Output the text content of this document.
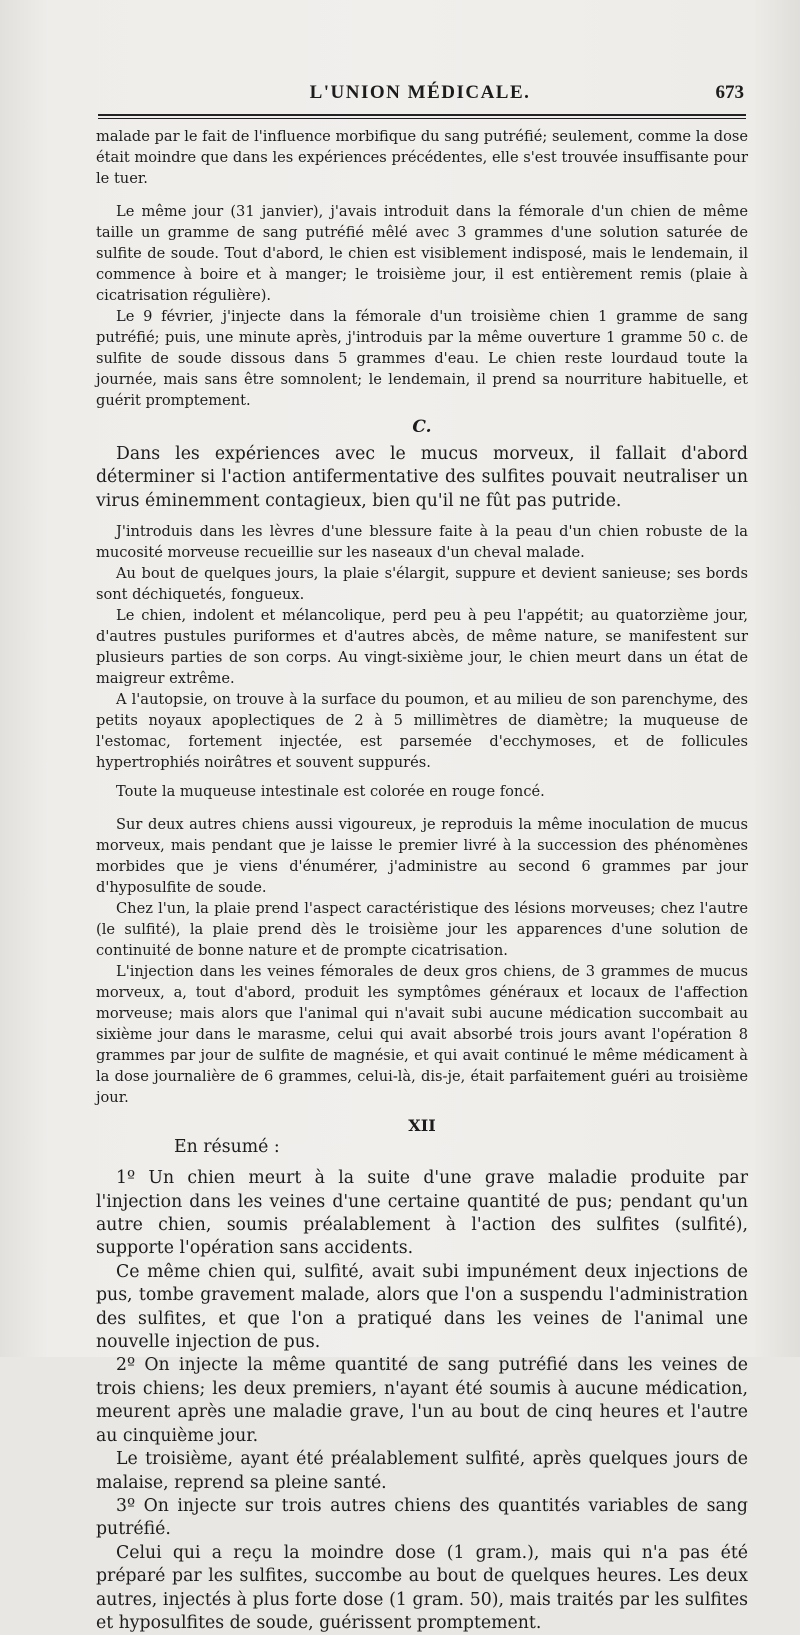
L'UNION MÉDICALE.	673

malade par le fait de l'influence morbifique du sang putréfié; seulement, comme la dose était moindre que dans les expériences précédentes, elle s'est trouvée insuffisante pour le tuer.

Le même jour (31 janvier), j'avais introduit dans la fémorale d'un chien de même taille un gramme de sang putréfié mêlé avec 3 grammes d'une solution saturée de sulfite de soude. Tout d'abord, le chien est visiblement indisposé, mais le lendemain, il commence à boire et à manger; le troisième jour, il est entièrement remis (plaie à cicatrisation régulière).

Le 9 février, j'injecte dans la fémorale d'un troisième chien 1 gramme de sang putréfié; puis, une minute après, j'introduis par la même ouverture 1 gramme 50 c. de sulfite de soude dissous dans 5 grammes d'eau. Le chien reste lourdaud toute la journée, mais sans être somnolent; le lendemain, il prend sa nourriture habituelle, et guérit promptement.

C.

Dans les expériences avec le mucus morveux, il fallait d'abord déterminer si l'action antifermentative des sulfites pouvait neutraliser un virus éminemment contagieux, bien qu'il ne fût pas putride.

J'introduis dans les lèvres d'une blessure faite à la peau d'un chien robuste de la mucosité morveuse recueillie sur les naseaux d'un cheval malade.

Au bout de quelques jours, la plaie s'élargit, suppure et devient sanieuse; ses bords sont déchiquetés, fongueux.

Le chien, indolent et mélancolique, perd peu à peu l'appétit; au quatorzième jour, d'autres pustules puriformes et d'autres abcès, de même nature, se manifestent sur plusieurs parties de son corps. Au vingt-sixième jour, le chien meurt dans un état de maigreur extrême.

A l'autopsie, on trouve à la surface du poumon, et au milieu de son parenchyme, des petits noyaux apoplectiques de 2 à 5 millimètres de diamètre; la muqueuse de l'estomac, fortement injectée, est parsemée d'ecchymoses, et de follicules hypertrophiés noirâtres et souvent suppurés.

Toute la muqueuse intestinale est colorée en rouge foncé.

Sur deux autres chiens aussi vigoureux, je reproduis la même inoculation de mucus morveux, mais pendant que je laisse le premier livré à la succession des phénomènes morbides que je viens d'énumérer, j'administre au second 6 grammes par jour d'hyposulfite de soude.

Chez l'un, la plaie prend l'aspect caractéristique des lésions morveuses; chez l'autre (le sulfité), la plaie prend dès le troisième jour les apparences d'une solution de continuité de bonne nature et de prompte cicatrisation.

L'injection dans les veines fémorales de deux gros chiens, de 3 grammes de mucus morveux, a, tout d'abord, produit les symptômes généraux et locaux de l'affection morveuse; mais alors que l'animal qui n'avait subi aucune médication succombait au sixième jour dans le marasme, celui qui avait absorbé trois jours avant l'opération 8 grammes par jour de sulfite de magnésie, et qui avait continué le même médicament à la dose journalière de 6 grammes, celui-là, dis-je, était parfaitement guéri au troisième jour.

XII
En résumé :

1º Un chien meurt à la suite d'une grave maladie produite par l'injection dans les veines d'une certaine quantité de pus; pendant qu'un autre chien, soumis préalablement à l'action des sulfites (sulfité), supporte l'opération sans accidents.

Ce même chien qui, sulfité, avait subi impunément deux injections de pus, tombe gravement malade, alors que l'on a suspendu l'administration des sulfites, et que l'on a pratiqué dans les veines de l'animal une nouvelle injection de pus.

2º On injecte la même quantité de sang putréfié dans les veines de trois chiens; les deux premiers, n'ayant été soumis à aucune médication, meurent après une maladie grave, l'un au bout de cinq heures et l'autre au cinquième jour.

Le troisième, ayant été préalablement sulfité, après quelques jours de malaise, reprend sa pleine santé.

3º On injecte sur trois autres chiens des quantités variables de sang putréfié.

Celui qui a reçu la moindre dose (1 gram.), mais qui n'a pas été préparé par les sulfites, succombe au bout de quelques heures. Les deux autres, injectés à plus forte dose (1 gram. 50), mais traités par les sulfites et hyposulfites de soude, guérissent promptement.
